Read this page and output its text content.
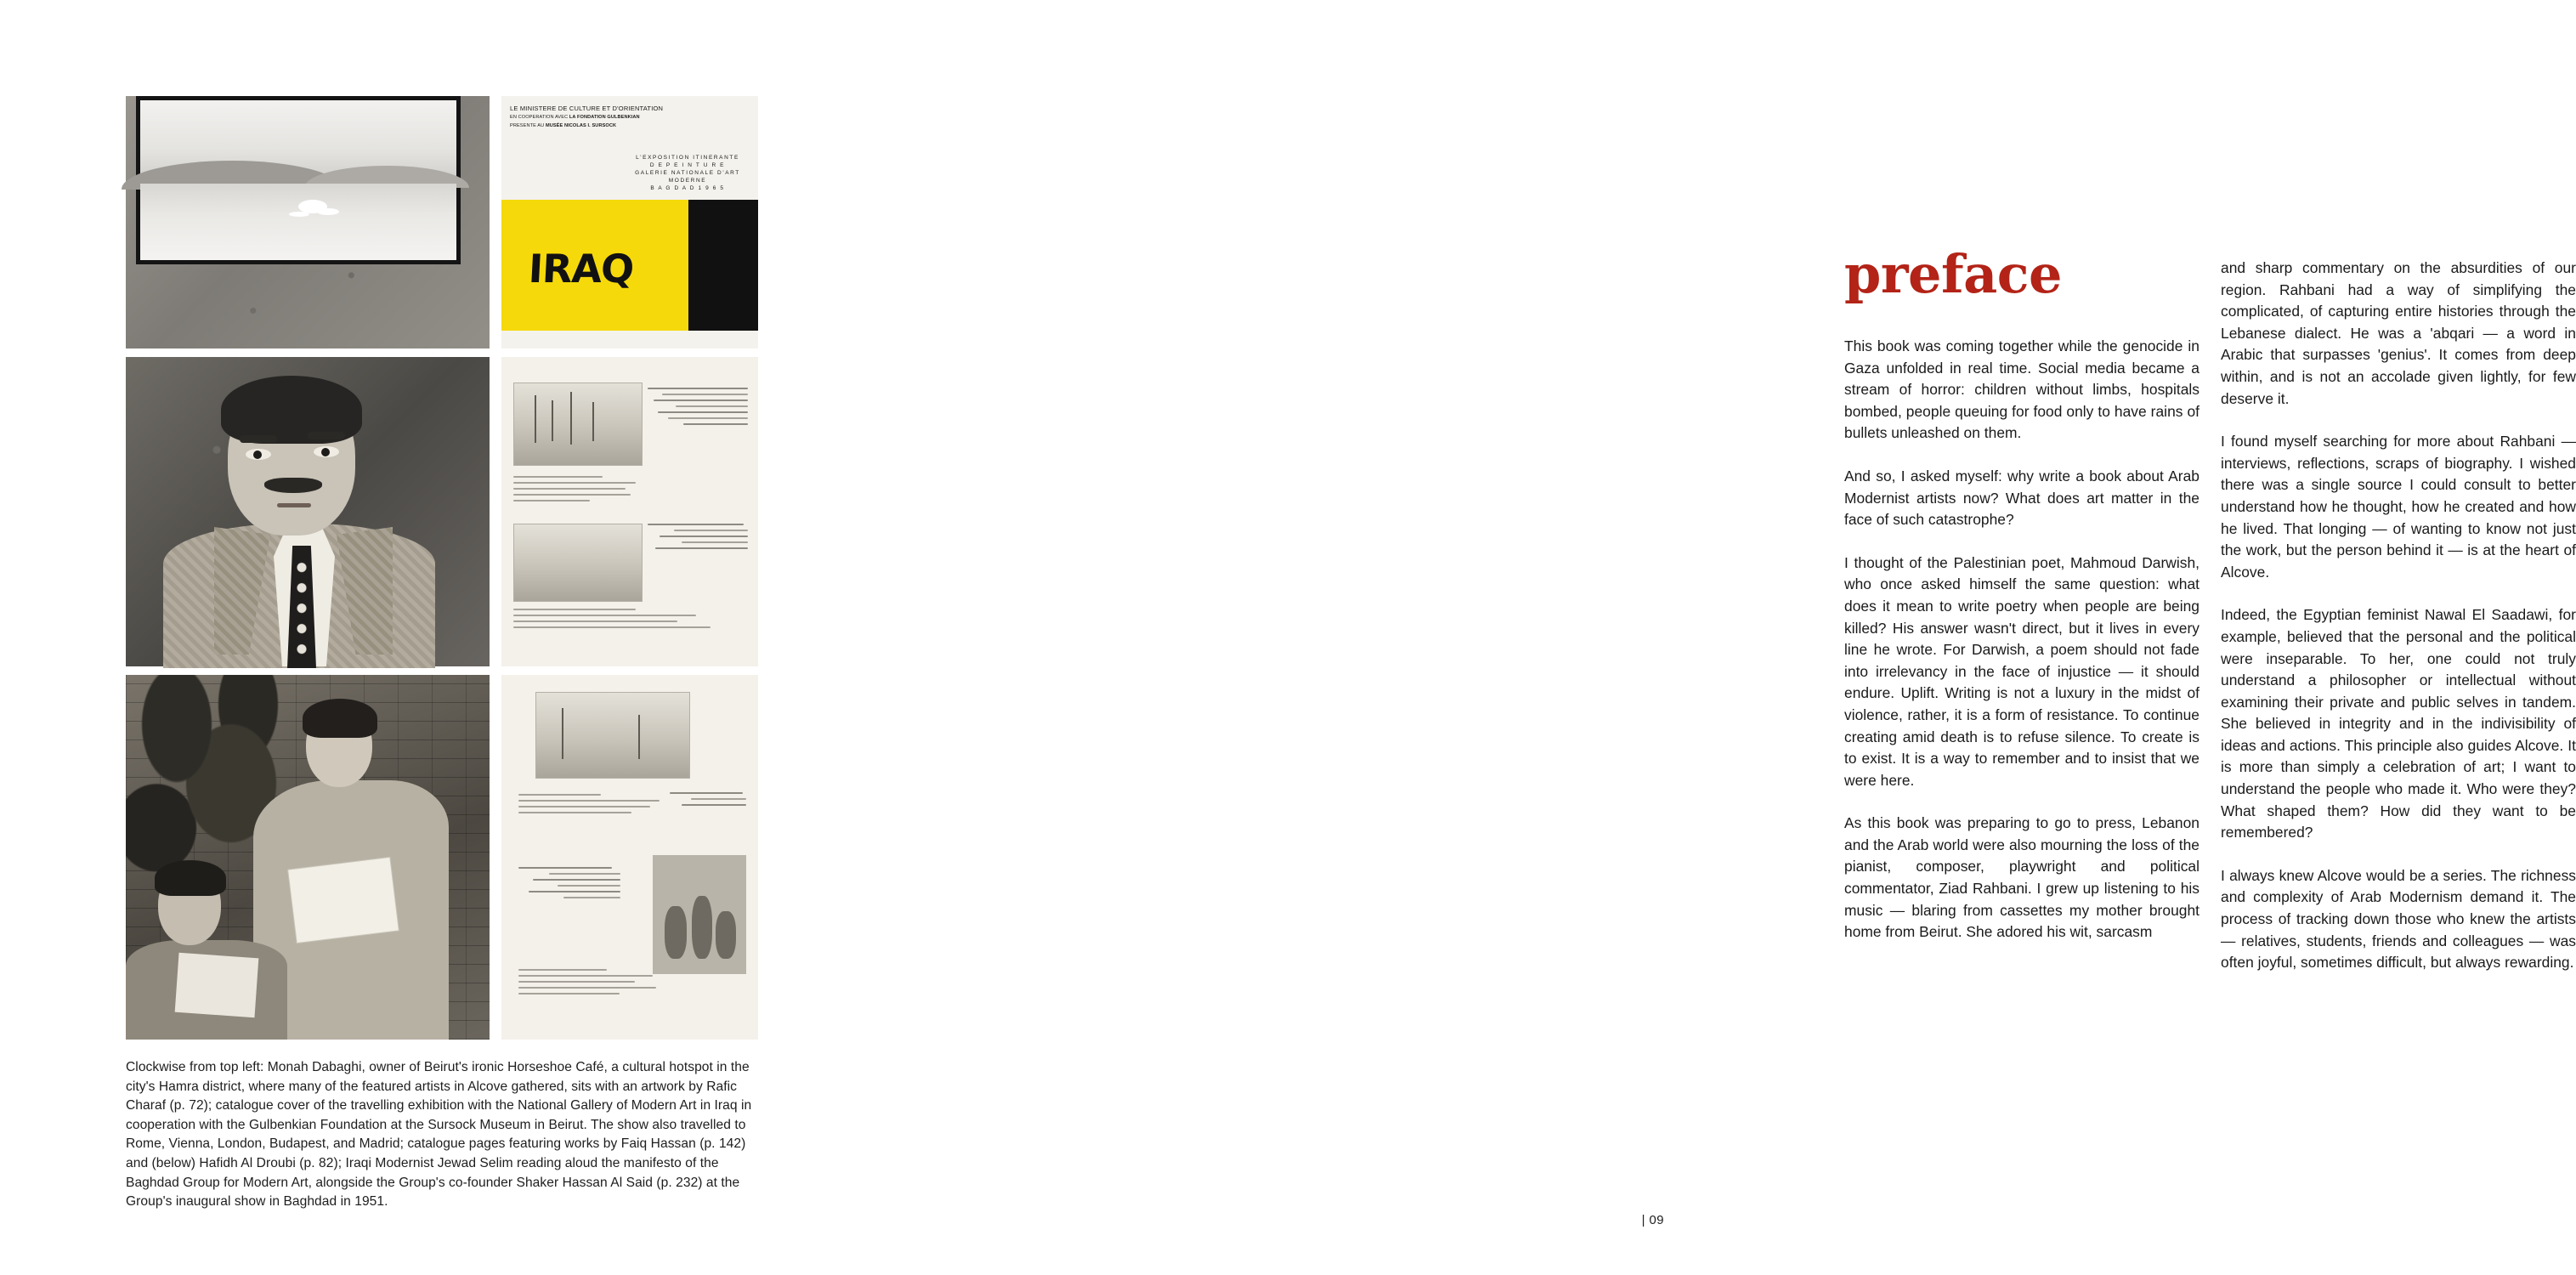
LE MINISTERE DE CULTURE ET D'ORIENTATION
EN COOPERATION AVEC LA FONDATION GULBENKIAN
PRESENTE AU MUSÉE NICOLAS I. SURSOCK
L'EXPOSITION ITINERANTE
D E P E I N T U R E
GALERIE NATIONALE D'ART MODERNE
B A G D A D 1 9 6 5
IRAQ

Clockwise from top left: Monah Dabaghi, owner of Beirut's ironic Horseshoe Café, a cultural hotspot in the city's Hamra district, where many of the featured artists in Alcove gathered, sits with an artwork by Rafic Charaf (p. 72); catalogue cover of the travelling exhibition with the National Gallery of Modern Art in Iraq in cooperation with the Gulbenkian Foundation at the Sursock Museum in Beirut. The show also travelled to Rome, Vienna, London, Budapest, and Madrid; catalogue pages featuring works by Faiq Hassan (p. 142) and (below) Hafidh Al Droubi (p. 82); Iraqi Modernist Jewad Selim reading aloud the manifesto of the Baghdad Group for Modern Art, alongside the Group's co-founder Shaker Hassan Al Said (p. 232) at the Group's inaugural show in Baghdad in 1951.
preface

This book was coming together while the genocide in Gaza unfolded in real time. Social media became a stream of horror: children without limbs, hospitals bombed, people queuing for food only to have rains of bullets unleashed on them.

And so, I asked myself: why write a book about Arab Modernist artists now? What does art matter in the face of such catastrophe?

I thought of the Palestinian poet, Mahmoud Darwish, who once asked himself the same question: what does it mean to write poetry when people are being killed? His answer wasn't direct, but it lives in every line he wrote. For Darwish, a poem should not fade into irrelevancy in the face of injustice — it should endure. Uplift. Writing is not a luxury in the midst of violence, rather, it is a form of resistance. To continue creating amid death is to refuse silence. To create is to exist. It is a way to remember and to insist that we were here.

As this book was preparing to go to press, Lebanon and the Arab world were also mourning the loss of the pianist, composer, playwright and political commentator, Ziad Rahbani. I grew up listening to his music — blaring from cassettes my mother brought home from Beirut. She adored his wit, sarcasm

and sharp commentary on the absurdities of our region. Rahbani had a way of simplifying the complicated, of capturing entire histories through the Lebanese dialect. He was a 'abqari — a word in Arabic that surpasses 'genius'. It comes from deep within, and is not an accolade given lightly, for few deserve it.

I found myself searching for more about Rahbani — interviews, reflections, scraps of biography. I wished there was a single source I could consult to better understand how he thought, how he created and how he lived. That longing — of wanting to know not just the work, but the person behind it — is at the heart of Alcove.

Indeed, the Egyptian feminist Nawal El Saadawi, for example, believed that the personal and the political were inseparable. To her, one could not truly understand a philosopher or intellectual without examining their private and public selves in tandem. She believed in integrity and in the indivisibility of ideas and actions. This principle also guides Alcove. It is more than simply a celebration of art; I want to understand the people who made it. Who were they? What shaped them? How did they want to be remembered?

I always knew Alcove would be a series. The richness and complexity of Arab Modernism demand it. The process of tracking down those who knew the artists — relatives, students, friends and colleagues — was often joyful, sometimes difficult, but always rewarding.

| 09
